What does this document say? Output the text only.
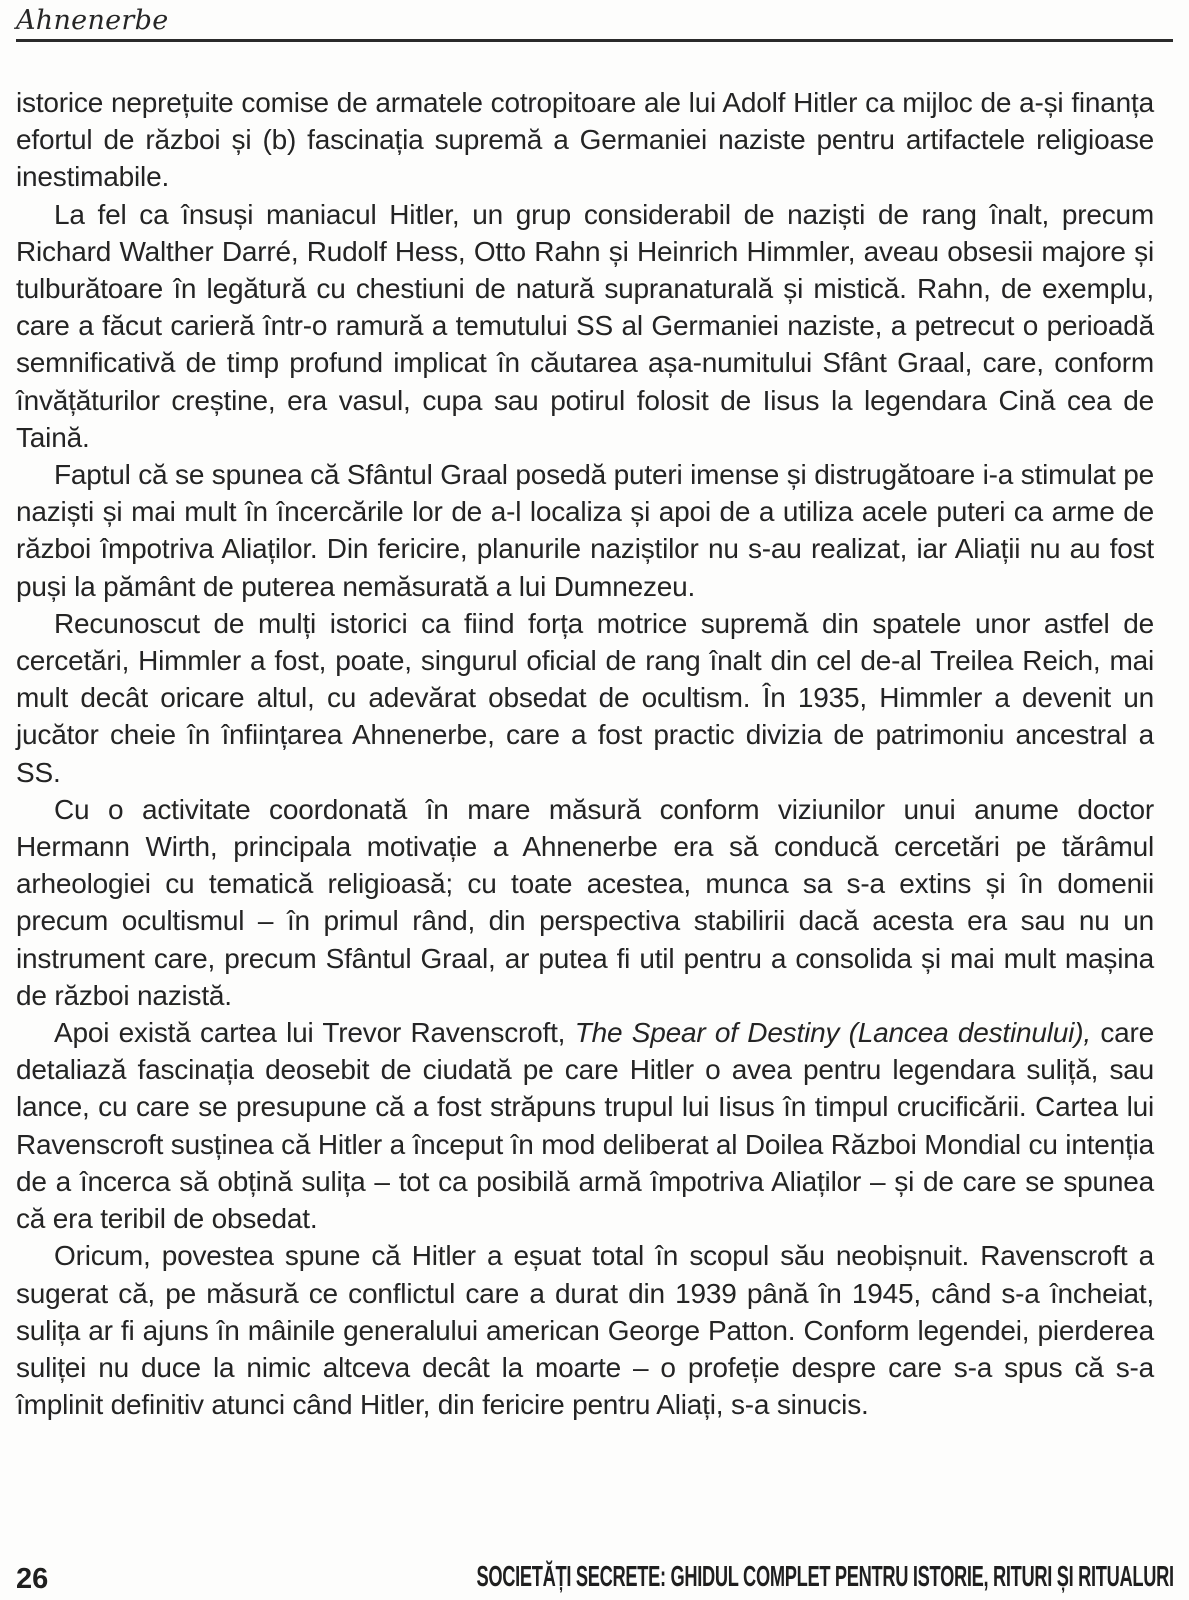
Ahnenerbe

istorice neprețuite comise de armatele cotropitoare ale lui Adolf Hitler ca mijloc de a-și finanța efortul de război și (b) fascinația supremă a Germaniei naziste pentru artifactele religioase inestimabile.

La fel ca însuși maniacul Hitler, un grup considerabil de naziști de rang înalt, precum Richard Walther Darré, Rudolf Hess, Otto Rahn și Heinrich Himmler, aveau obsesii majore și tulburătoare în legătură cu chestiuni de natură supranaturală și mistică. Rahn, de exemplu, care a făcut carieră într-o ramură a temutului SS al Germaniei naziste, a petrecut o perioadă semnificativă de timp profund implicat în căutarea așa-numitului Sfânt Graal, care, conform învățăturilor creștine, era vasul, cupa sau potirul folosit de Iisus la legendara Cină cea de Taină.

Faptul că se spunea că Sfântul Graal posedă puteri imense și distrugătoare i-a stimulat pe naziști și mai mult în încercările lor de a-l localiza și apoi de a utiliza acele puteri ca arme de război împotriva Aliaților. Din fericire, planurile naziștilor nu s-au realizat, iar Aliații nu au fost puși la pământ de puterea nemăsurată a lui Dumnezeu.

Recunoscut de mulți istorici ca fiind forța motrice supremă din spatele unor astfel de cercetări, Himmler a fost, poate, singurul oficial de rang înalt din cel de-al Treilea Reich, mai mult decât oricare altul, cu adevărat obsedat de ocultism. În 1935, Himmler a devenit un jucător cheie în înființarea Ahnenerbe, care a fost practic divizia de patrimoniu ancestral a SS.

Cu o activitate coordonată în mare măsură conform viziunilor unui anume doctor Hermann Wirth, principala motivație a Ahnenerbe era să conducă cercetări pe tărâmul arheologiei cu tematică religioasă; cu toate acestea, munca sa s-a extins și în domenii precum ocultismul – în primul rând, din perspectiva stabilirii dacă acesta era sau nu un instrument care, precum Sfântul Graal, ar putea fi util pentru a consolida și mai mult mașina de război nazistă.

Apoi există cartea lui Trevor Ravenscroft, The Spear of Destiny (Lancea destinului), care detaliază fascinația deosebit de ciudată pe care Hitler o avea pentru legendara suliță, sau lance, cu care se presupune că a fost străpuns trupul lui Iisus în timpul crucificării. Cartea lui Ravenscroft susținea că Hitler a început în mod deliberat al Doilea Război Mondial cu intenția de a încerca să obțină sulița – tot ca posibilă armă împotriva Aliaților – și de care se spunea că era teribil de obsedat.

Oricum, povestea spune că Hitler a eșuat total în scopul său neobișnuit. Ravenscroft a sugerat că, pe măsură ce conflictul care a durat din 1939 până în 1945, când s-a încheiat, sulița ar fi ajuns în mâinile generalului american George Patton. Conform legendei, pierderea suliței nu duce la nimic altceva decât la moarte – o profeție despre care s-a spus că s-a împlinit definitiv atunci când Hitler, din fericire pentru Aliați, s-a sinucis.

26	SOCIETĂȚI SECRETE: GHIDUL COMPLET PENTRU ISTORIE, RITURI ȘI RITUALURI
